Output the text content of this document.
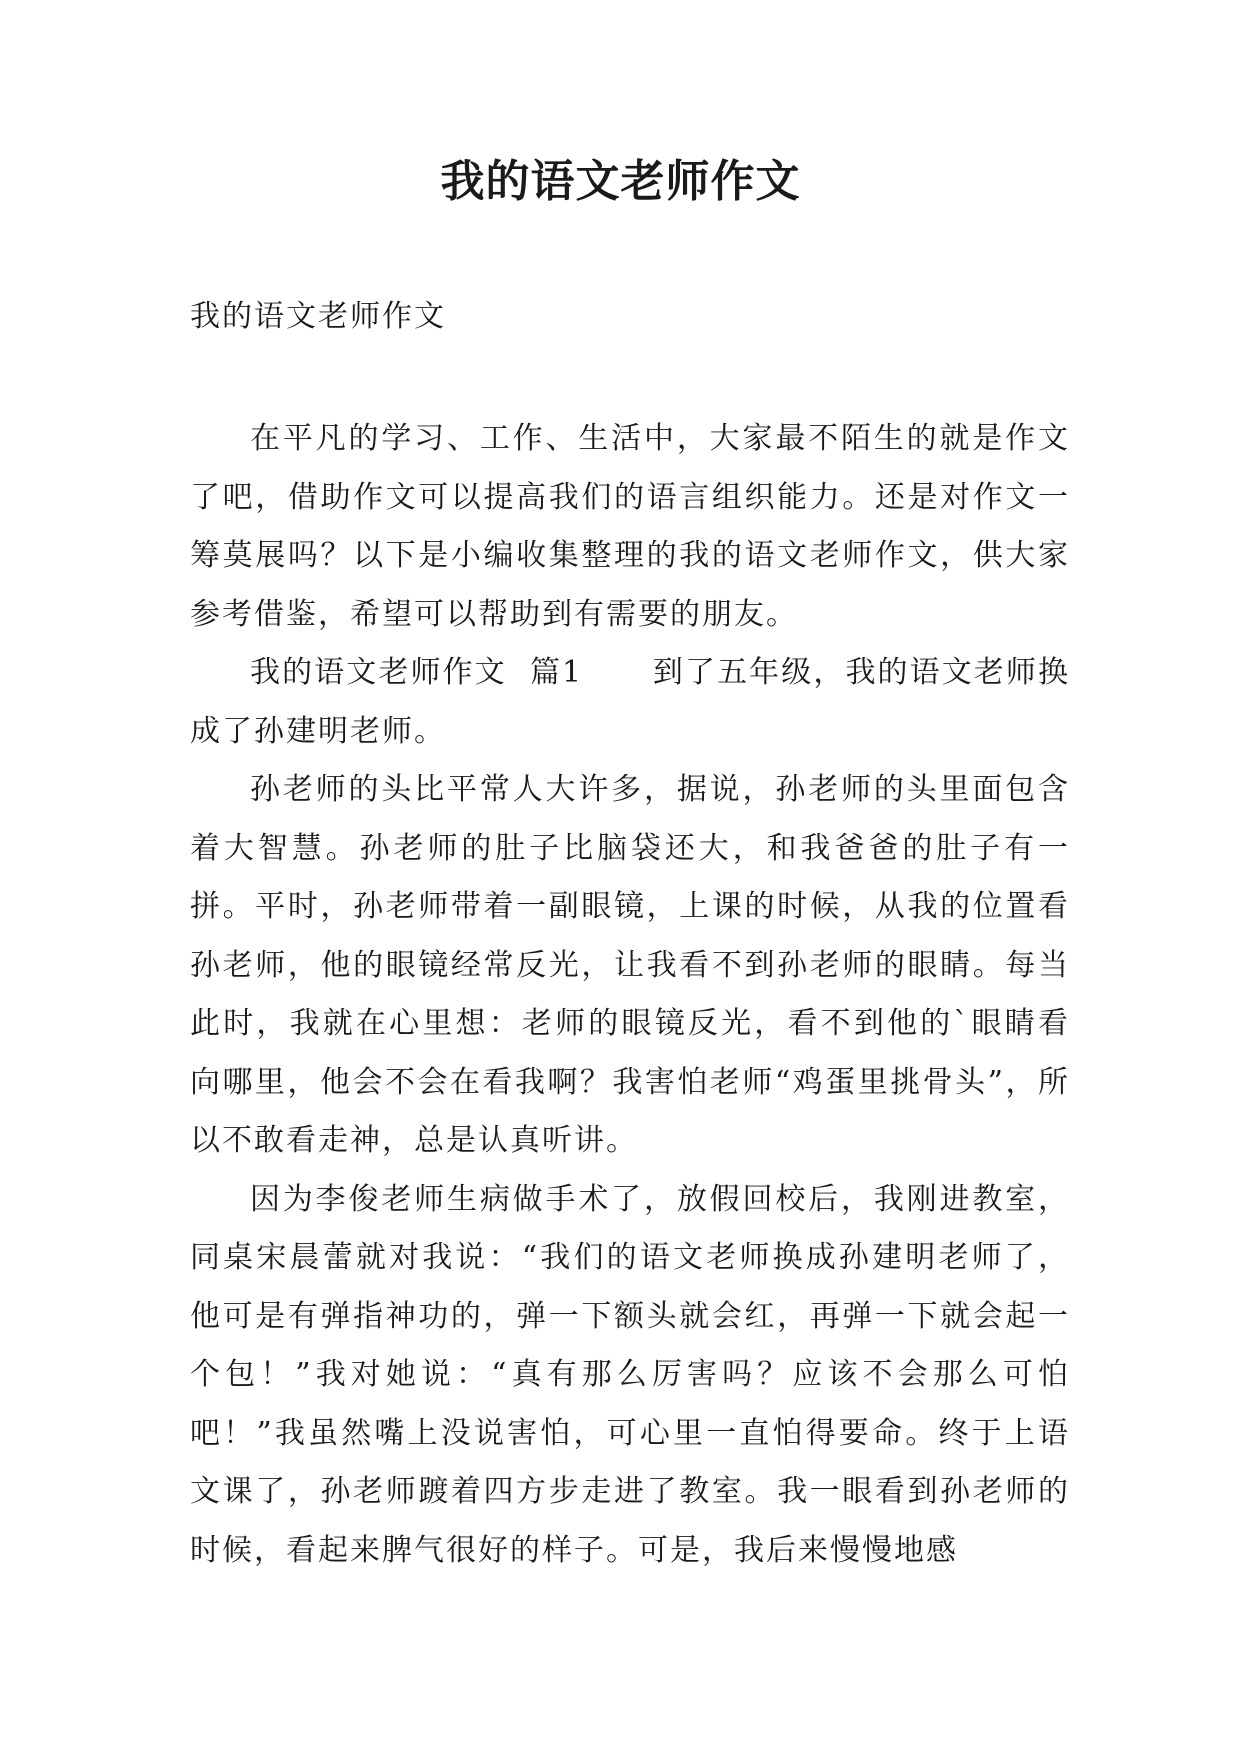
我的语文老师作文
我的语文老师作文

在平凡的学习、工作、生活中，大家最不陌生的就是作文了吧，借助作文可以提高我们的语言组织能力。还是对作文一筹莫展吗？以下是小编收集整理的我的语文老师作文，供大家参考借鉴，希望可以帮助到有需要的朋友。

我的语文老师作文  篇1      到了五年级，我的语文老师换成了孙建明老师。

孙老师的头比平常人大许多，据说，孙老师的头里面包含着大智慧。孙老师的肚子比脑袋还大，和我爸爸的肚子有一拼。平时，孙老师带着一副眼镜，上课的时候，从我的位置看孙老师，他的眼镜经常反光，让我看不到孙老师的眼睛。每当此时，我就在心里想：老师的眼镜反光，看不到他的`眼睛看向哪里，他会不会在看我啊？我害怕老师“鸡蛋里挑骨头”，所以不敢看走神，总是认真听讲。

因为李俊老师生病做手术了，放假回校后，我刚进教室，同桌宋晨蕾就对我说：“我们的语文老师换成孙建明老师了，他可是有弹指神功的，弹一下额头就会红，再弹一下就会起一个包！”我对她说：“真有那么厉害吗？应该不会那么可怕吧！”我虽然嘴上没说害怕，可心里一直怕得要命。终于上语文课了，孙老师踱着四方步走进了教室。我一眼看到孙老师的时候，看起来脾气很好的样子。可是，我后来慢慢地感
